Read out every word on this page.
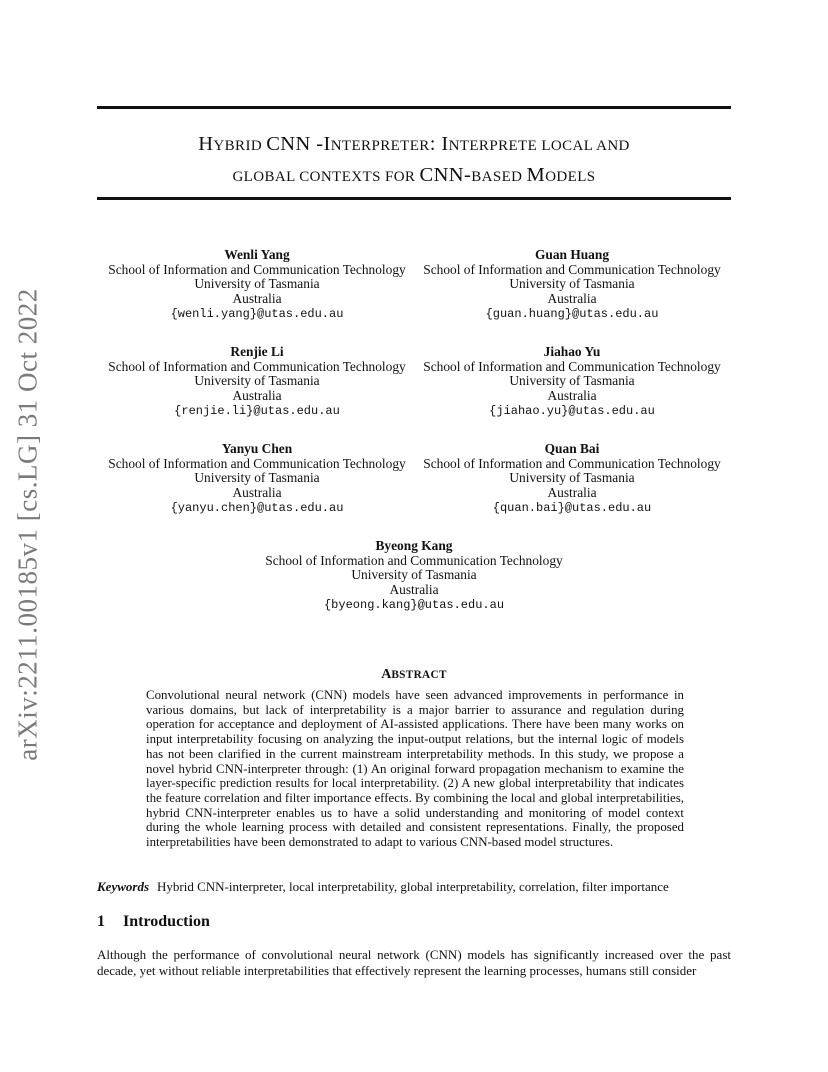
HYBRID CNN -INTERPRETER: INTERPRETE LOCAL AND
GLOBAL CONTEXTS FOR CNN-BASED MODELS
arXiv:2211.00185v1 [cs.LG] 31 Oct 2022
Wenli Yang
School of Information and Communication Technology
University of Tasmania
Australia
{wenli.yang}@utas.edu.au
Guan Huang
School of Information and Communication Technology
University of Tasmania
Australia
{guan.huang}@utas.edu.au
Renjie Li
School of Information and Communication Technology
University of Tasmania
Australia
{renjie.li}@utas.edu.au
Jiahao Yu
School of Information and Communication Technology
University of Tasmania
Australia
{jiahao.yu}@utas.edu.au
Yanyu Chen
School of Information and Communication Technology
University of Tasmania
Australia
{yanyu.chen}@utas.edu.au
Quan Bai
School of Information and Communication Technology
University of Tasmania
Australia
{quan.bai}@utas.edu.au
Byeong Kang
School of Information and Communication Technology
University of Tasmania
Australia
{byeong.kang}@utas.edu.au
ABSTRACT
Convolutional neural network (CNN) models have seen advanced improvements in performance in various domains, but lack of interpretability is a major barrier to assurance and regulation during operation for acceptance and deployment of AI-assisted applications. There have been many works on input interpretability focusing on analyzing the input-output relations, but the internal logic of models has not been clarified in the current mainstream interpretability methods. In this study, we propose a novel hybrid CNN-interpreter through: (1) An original forward propagation mechanism to examine the layer-specific prediction results for local interpretability. (2) A new global interpretability that indicates the feature correlation and filter importance effects. By combining the local and global interpretabilities, hybrid CNN-interpreter enables us to have a solid understanding and monitoring of model context during the whole learning process with detailed and consistent representations. Finally, the proposed interpretabilities have been demonstrated to adapt to various CNN-based model structures.
Keywords Hybrid CNN-interpreter, local interpretability, global interpretability, correlation, filter importance
1 Introduction
Although the performance of convolutional neural network (CNN) models has significantly increased over the past decade, yet without reliable interpretabilities that effectively represent the learning processes, humans still consider
